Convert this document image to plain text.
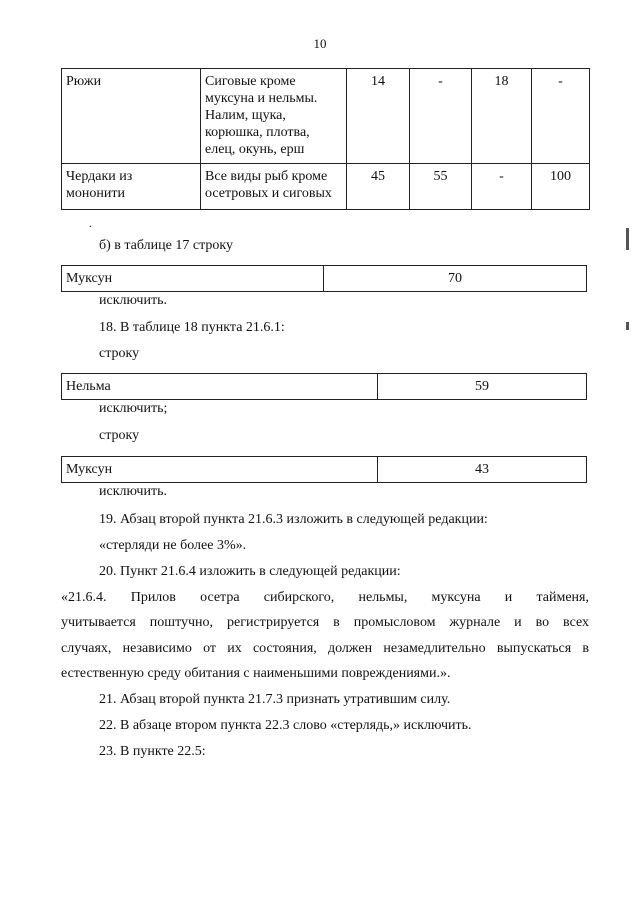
10
Рюжи	Сиговые кроме
муксуна и нельмы.
Налим, щука,
корюшка, плотва,
елец, окунь, ерш	14	-	18	-
Чердаки из
мононити	Все виды рыб кроме
осетровых и сиговых	45	55	-	100
.
б) в таблице 17 строку
Муксун	70
исключить.
18. В таблице 18 пункта 21.6.1:
строку
Нельма	59
исключить;
строку
Муксун	43
исключить.
19. Абзац второй пункта 21.6.3 изложить в следующей редакции:
«стерляди не более 3%».
20. Пункт 21.6.4 изложить в следующей редакции:
«21.6.4. Прилов осетра сибирского, нельмы, муксуна и тайменя,
учитывается поштучно, регистрируется в промысловом журнале и во всех
случаях, независимо от их состояния, должен незамедлительно выпускаться в
естественную среду обитания с наименьшими повреждениями.».
21. Абзац второй пункта 21.7.3 признать утратившим силу.
22. В абзаце втором пункта 22.3 слово «стерлядь,» исключить.
23. В пункте 22.5:
